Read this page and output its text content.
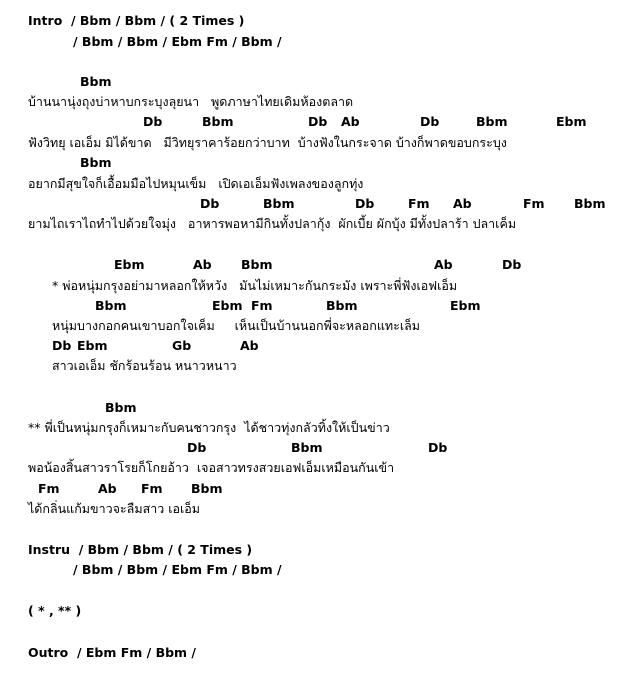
Intro  / Bbm / Bbm / ( 2 Times )
/ Bbm / Bbm / Ebm Fm / Bbm /
Bbm
บ้านนานุ่งถุงบ่าหาบกระบุงลุยนา   พูดภาษาไทยเดิมห้องตลาด
Db	Bbm	Db Ab	Db	Bbm	Ebm
ฟังวิทยุ เอเอ็ม มิได้ขาด   มีวิทยุราคาร้อยกว่าบาท  บ้างฟังในกระจาด บ้างก็พาดขอบกระบุง
Bbm
อยากมีสุขใจก็เอื้อมมือไปหมุนเข็ม   เปิดเอเอ็มฟังเพลงของลูกทุ่ง
Db	Bbm	Db	Fm Ab	Fm Bbm
ยามไถเราไถทำไปด้วยใจมุ่ง   อาหารพอหามีกินทั้งปลากุ้ง  ผักเบี้ย ผักบุ้ง มีทั้งปลาร้า ปลาเค็ม
Ebm	Ab Bbm	Ab	Db
* พ่อหนุ่มกรุงอย่ามาหลอกให้หวัง   มันไม่เหมาะกันกระมัง เพราะพี่ฟังเอฟเอ็ม
Bbm	Ebm Fm	Bbm	Ebm
หนุ่มบางกอกคนเขาบอกใจเค็ม     เห็นเป็นบ้านนอกพี่จะหลอกแทะเล็ม
Db Ebm	Gb	Ab
สาวเอเอ็ม ชักร้อนร้อน หนาวหนาว
Bbm
** พี่เป็นหนุ่มกรุงก็เหมาะกับคนชาวกรุง  ได้ชาวทุ่งกลัวทิ้งให้เป็นข่าว
Db	Bbm	Db
พอน้องสิ้นสาวราโรยก็โกยอ้าว  เจอสาวทรงสวยเอฟเอ็มเหมือนกันเข้า
Fm	Ab Fm Bbm
ได้กลิ่นแก้มขาวจะลืมสาว เอเอ็ม
Instru  / Bbm / Bbm / ( 2 Times )
/ Bbm / Bbm / Ebm Fm / Bbm /
( * , ** )
Outro  / Ebm Fm / Bbm /
